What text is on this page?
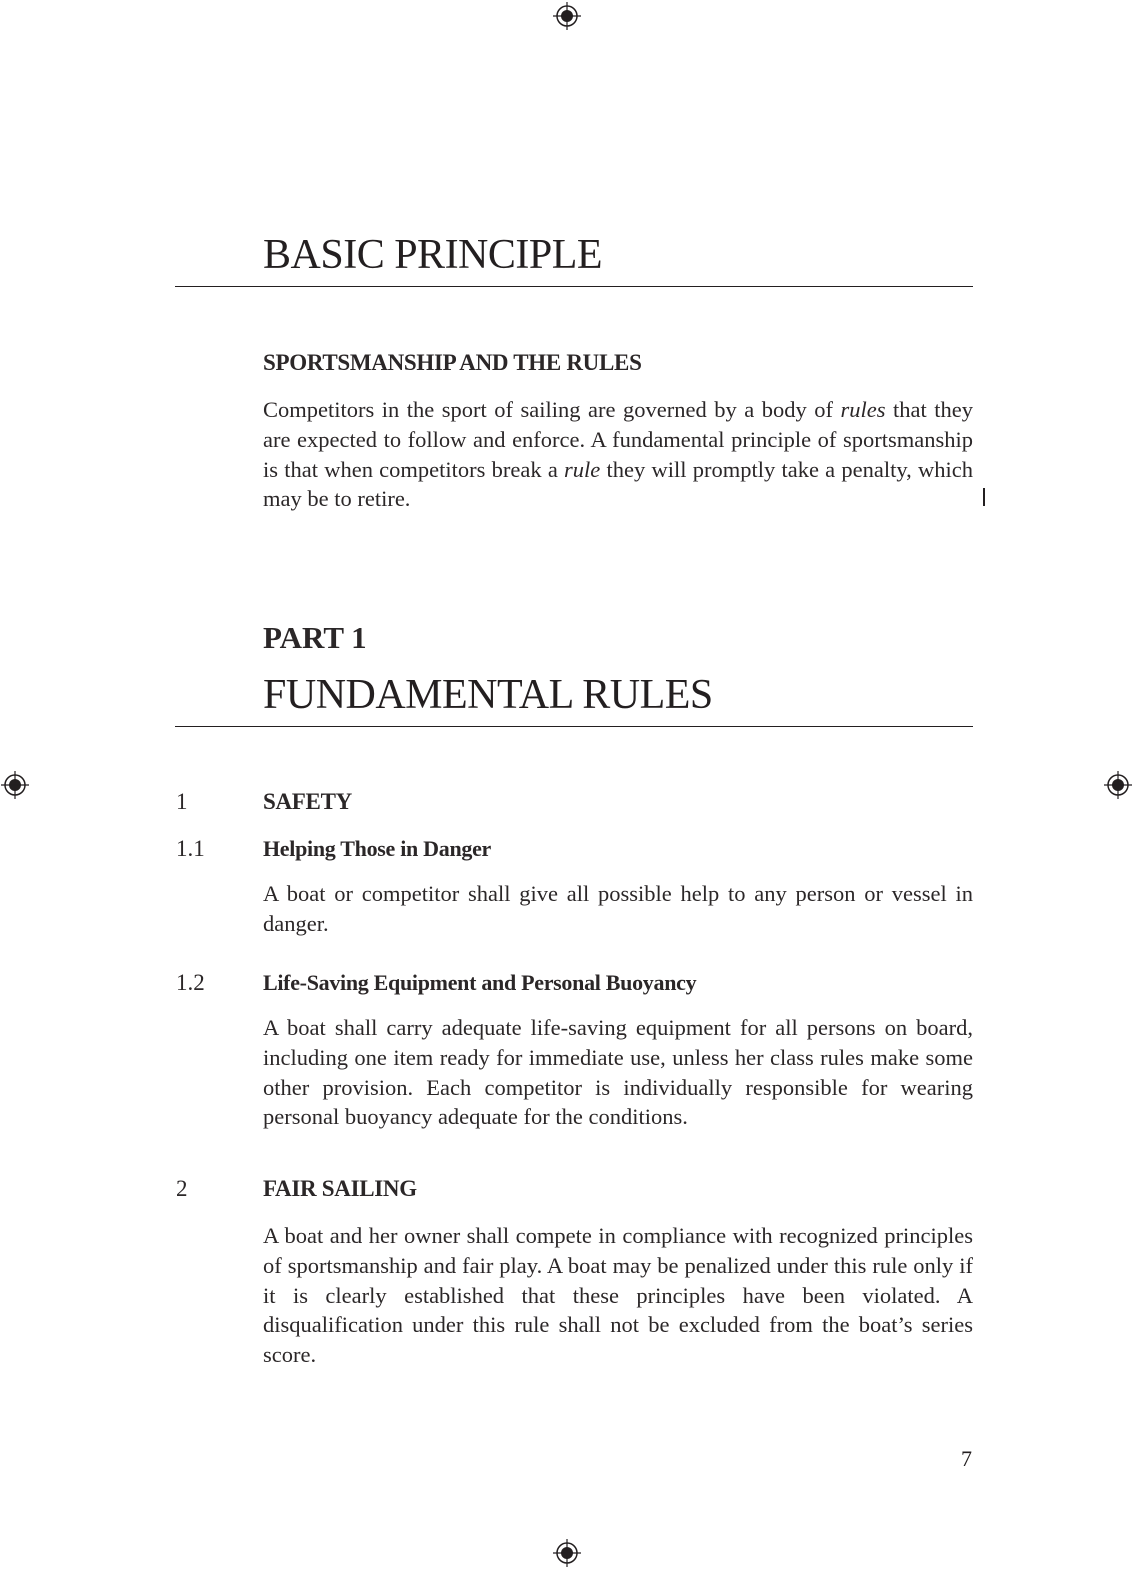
BASIC PRINCIPLE
SPORTSMANSHIP AND THE RULES
Competitors in the sport of sailing are governed by a body of rules that they are expected to follow and enforce. A fundamental principle of sportsmanship is that when competitors break a rule they will promptly take a penalty, which may be to retire.
PART 1
FUNDAMENTAL RULES
1	SAFETY
1.1	Helping Those in Danger
A boat or competitor shall give all possible help to any person or vessel in danger.
1.2	Life-Saving Equipment and Personal Buoyancy
A boat shall carry adequate life-saving equipment for all persons on board, including one item ready for immediate use, unless her class rules make some other provision. Each competitor is individually responsible for wearing personal buoyancy adequate for the conditions.
2	FAIR SAILING
A boat and her owner shall compete in compliance with recognized principles of sportsmanship and fair play. A boat may be penalized under this rule only if it is clearly established that these principles have been violated. A disqualification under this rule shall not be excluded from the boat’s series score.
7
